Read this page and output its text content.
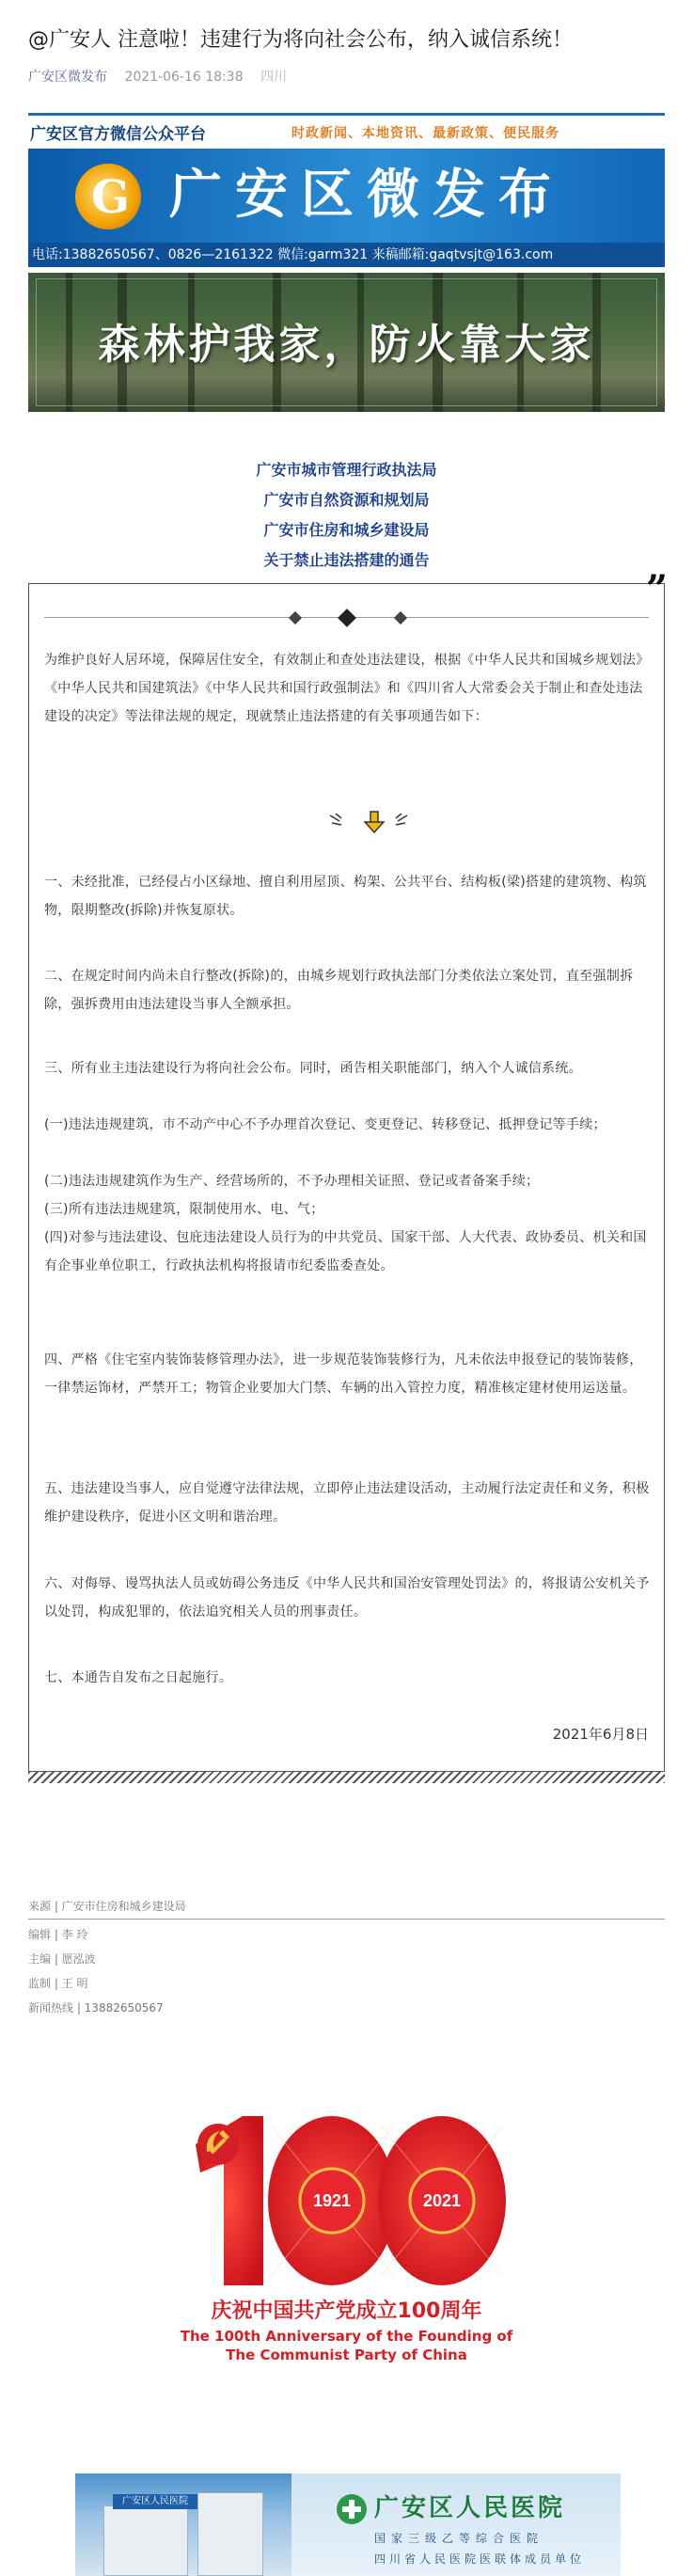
@广安人 注意啦！违建行为将向社会公布，纳入诚信系统！
广安区微发布 2021-06-16 18:38 四川
广安区官方微信公众平台	时政新闻、本地资讯、最新政策、便民服务
G 广安区微发布
电话:13882650567、0826—2161322 微信:garm321 来稿邮箱:gaqtvsjt@163.com
森林护我家，防火靠大家
广安市城市管理行政执法局
广安市自然资源和规划局
广安市住房和城乡建设局
关于禁止违法搭建的通告
”
为维护良好人居环境，保障居住安全，有效制止和查处违法建设，根据《中华人民共和国城乡规划法》《中华人民共和国建筑法》《中华人民共和国行政强制法》和《四川省人大常委会关于制止和查处违法建设的决定》等法律法规的规定，现就禁止违法搭建的有关事项通告如下：
一、未经批准，已经侵占小区绿地、擅自利用屋顶、构架、公共平台、结构板(梁)搭建的建筑物、构筑物，限期整改(拆除)并恢复原状。
二、在规定时间内尚未自行整改(拆除)的，由城乡规划行政执法部门分类依法立案处罚，直至强制拆除，强拆费用由违法建设当事人全额承担。
三、所有业主违法建设行为将向社会公布。同时，函告相关职能部门，纳入个人诚信系统。
(一)违法违规建筑，市不动产中心不予办理首次登记、变更登记、转移登记、抵押登记等手续；
(二)违法违规建筑作为生产、经营场所的，不予办理相关证照、登记或者备案手续；
(三)所有违法违规建筑，限制使用水、电、气；
(四)对参与违法建设、包庇违法建设人员行为的中共党员、国家干部、人大代表、政协委员、机关和国有企事业单位职工，行政执法机构将报请市纪委监委查处。
四、严格《住宅室内装饰装修管理办法》，进一步规范装饰装修行为，凡未依法申报登记的装饰装修，一律禁运饰材，严禁开工；物管企业要加大门禁、车辆的出入管控力度，精准核定建材使用运送量。
五、违法建设当事人，应自觉遵守法律法规，立即停止违法建设活动，主动履行法定责任和义务，积极维护建设秩序，促进小区文明和谐治理。
六、对侮辱、谩骂执法人员或妨碍公务违反《中华人民共和国治安管理处罚法》的，将报请公安机关予以处罚，构成犯罪的，依法追究相关人员的刑事责任。
七、本通告自发布之日起施行。
2021年6月8日
来源 | 广安市住房和城乡建设局
编辑 | 李 玲
主编 | 愿泓波
监制 | 王 明
新闻热线 | 13882650567
1921	2021
庆祝中国共产党成立100周年
The 100th Anniversary of the Founding of
The Communist Party of China
广安区人民医院	广安区人民医院
国家三级乙等综合医院
四川省人民医院医联体成员单位
